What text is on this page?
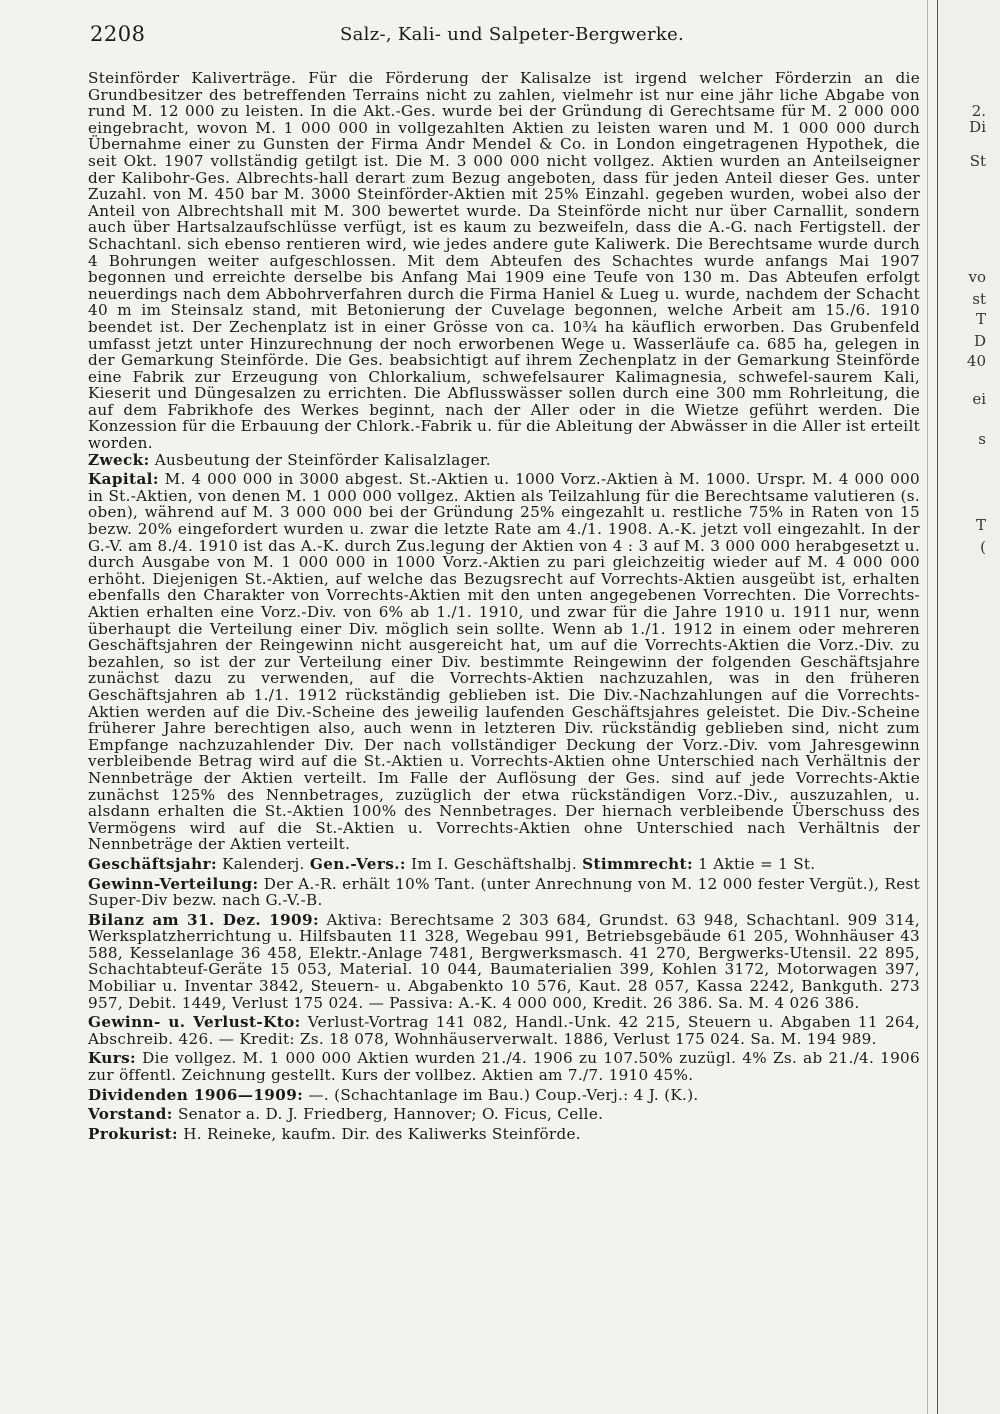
2208	Salz-, Kali- und Salpeter-Bergwerke.

Steinförder Kaliverträge. Für die Förderung der Kalisalze ist irgend welcher Förderzin an die Grundbesitzer des betreffenden Terrains nicht zu zahlen, vielmehr ist nur eine jähr liche Abgabe von rund M. 12 000 zu leisten. In die Akt.-Ges. wurde bei der Gründung di Gerechtsame für M. 2 000 000 eingebracht, wovon M. 1 000 000 in vollgezahlten Aktien zu leisten waren und M. 1 000 000 durch Übernahme einer zu Gunsten der Firma Andr Mendel & Co. in London eingetragenen Hypothek, die seit Okt. 1907 vollständig getilgt ist. Die M. 3 000 000 nicht vollgez. Aktien wurden an Anteilseigner der Kalibohr-Ges. Albrechts-hall derart zum Bezug angeboten, dass für jeden Anteil dieser Ges. unter Zuzahl. von M. 450 bar M. 3000 Steinförder-Aktien mit 25% Einzahl. gegeben wurden, wobei also der Anteil von Albrechtshall mit M. 300 bewertet wurde. Da Steinförde nicht nur über Carnallit, sondern auch über Hartsalzaufschlüsse verfügt, ist es kaum zu bezweifeln, dass die A.-G. nach Fertigstell. der Schachtanl. sich ebenso rentieren wird, wie jedes andere gute Kaliwerk. Die Berechtsame wurde durch 4 Bohrungen weiter aufgeschlossen. Mit dem Abteufen des Schachtes wurde anfangs Mai 1907 begonnen und erreichte derselbe bis Anfang Mai 1909 eine Teufe von 130 m. Das Abteufen erfolgt neuerdings nach dem Abbohrverfahren durch die Firma Haniel & Lueg u. wurde, nachdem der Schacht 40 m im Steinsalz stand, mit Betonierung der Cuvelage begonnen, welche Arbeit am 15./6. 1910 beendet ist. Der Zechenplatz ist in einer Grösse von ca. 10¾ ha käuflich erworben. Das Grubenfeld umfasst jetzt unter Hinzurechnung der noch erworbenen Wege u. Wasserläufe ca. 685 ha, gelegen in der Gemarkung Steinförde. Die Ges. beabsichtigt auf ihrem Zechenplatz in der Gemarkung Steinförde eine Fabrik zur Erzeugung von Chlorkalium, schwefelsaurer Kalimagnesia, schwefel-saurem Kali, Kieserit und Düngesalzen zu errichten. Die Abflusswässer sollen durch eine 300 mm Rohrleitung, die auf dem Fabrikhofe des Werkes beginnt, nach der Aller oder in die Wietze geführt werden. Die Konzession für die Erbauung der Chlork.-Fabrik u. für die Ableitung der Abwässer in die Aller ist erteilt worden.

Zweck: Ausbeutung der Steinförder Kalisalzlager.

Kapital: M. 4 000 000 in 3000 abgest. St.-Aktien u. 1000 Vorz.-Aktien à M. 1000. Urspr. M. 4 000 000 in St.-Aktien, von denen M. 1 000 000 vollgez. Aktien als Teilzahlung für die Berechtsame valutieren (s. oben), während auf M. 3 000 000 bei der Gründung 25% eingezahlt u. restliche 75% in Raten von 15 bezw. 20% eingefordert wurden u. zwar die letzte Rate am 4./1. 1908. A.-K. jetzt voll eingezahlt. In der G.-V. am 8./4. 1910 ist das A.-K. durch Zus.legung der Aktien von 4 : 3 auf M. 3 000 000 herabgesetzt u. durch Ausgabe von M. 1 000 000 in 1000 Vorz.-Aktien zu pari gleichzeitig wieder auf M. 4 000 000 erhöht. Diejenigen St.-Aktien, auf welche das Bezugsrecht auf Vorrechts-Aktien ausgeübt ist, erhalten ebenfalls den Charakter von Vorrechts-Aktien mit den unten angegebenen Vorrechten. Die Vorrechts-Aktien erhalten eine Vorz.-Div. von 6% ab 1./1. 1910, und zwar für die Jahre 1910 u. 1911 nur, wenn überhaupt die Verteilung einer Div. möglich sein sollte. Wenn ab 1./1. 1912 in einem oder mehreren Geschäftsjahren der Reingewinn nicht ausgereicht hat, um auf die Vorrechts-Aktien die Vorz.-Div. zu bezahlen, so ist der zur Verteilung einer Div. bestimmte Reingewinn der folgenden Geschäftsjahre zunächst dazu zu verwenden, auf die Vorrechts-Aktien nachzuzahlen, was in den früheren Geschäftsjahren ab 1./1. 1912 rückständig geblieben ist. Die Div.-Nachzahlungen auf die Vorrechts-Aktien werden auf die Div.-Scheine des jeweilig laufenden Geschäftsjahres geleistet. Die Div.-Scheine früherer Jahre berechtigen also, auch wenn in letzteren Div. rückständig geblieben sind, nicht zum Empfange nachzuzahlender Div. Der nach vollständiger Deckung der Vorz.-Div. vom Jahresgewinn verbleibende Betrag wird auf die St.-Aktien u. Vorrechts-Aktien ohne Unterschied nach Verhältnis der Nennbeträge der Aktien verteilt. Im Falle der Auflösung der Ges. sind auf jede Vorrechts-Aktie zunächst 125% des Nennbetrages, zuzüglich der etwa rückständigen Vorz.-Div., auszuzahlen, u. alsdann erhalten die St.-Aktien 100% des Nennbetrages. Der hiernach verbleibende Überschuss des Vermögens wird auf die St.-Aktien u. Vorrechts-Aktien ohne Unterschied nach Verhältnis der Nennbeträge der Aktien verteilt.

Geschäftsjahr: Kalenderj. Gen.-Vers.: Im I. Geschäftshalbj. Stimmrecht: 1 Aktie = 1 St.

Gewinn-Verteilung: Der A.-R. erhält 10% Tant. (unter Anrechnung von M. 12 000 fester Vergüt.), Rest Super-Div bezw. nach G.-V.-B.

Bilanz am 31. Dez. 1909: Aktiva: Berechtsame 2 303 684, Grundst. 63 948, Schachtanl. 909 314, Werksplatzherrichtung u. Hilfsbauten 11 328, Wegebau 991, Betriebsgebäude 61 205, Wohnhäuser 43 588, Kesselanlage 36 458, Elektr.-Anlage 7481, Bergwerksmasch. 41 270, Bergwerks-Utensil. 22 895, Schachtabteuf-Geräte 15 053, Material. 10 044, Baumaterialien 399, Kohlen 3172, Motorwagen 397, Mobiliar u. Inventar 3842, Steuern- u. Abgabenkto 10 576, Kaut. 28 057, Kassa 2242, Bankguth. 273 957, Debit. 1449, Verlust 175 024. — Passiva: A.-K. 4 000 000, Kredit. 26 386. Sa. M. 4 026 386.

Gewinn- u. Verlust-Kto: Verlust-Vortrag 141 082, Handl.-Unk. 42 215, Steuern u. Abgaben 11 264, Abschreib. 426. — Kredit: Zs. 18 078, Wohnhäuserverwalt. 1886, Verlust 175 024. Sa. M. 194 989.

Kurs: Die vollgez. M. 1 000 000 Aktien wurden 21./4. 1906 zu 107.50% zuzügl. 4% Zs. ab 21./4. 1906 zur öffentl. Zeichnung gestellt. Kurs der vollbez. Aktien am 7./7. 1910 45%.

Dividenden 1906—1909: —. (Schachtanlage im Bau.) Coup.-Verj.: 4 J. (K.).

Vorstand: Senator a. D. J. Friedberg, Hannover; O. Ficus, Celle.

Prokurist: H. Reineke, kaufm. Dir. des Kaliwerks Steinförde.

2.
Di
St
vo
st
T
D
40
ei
s
T
(
